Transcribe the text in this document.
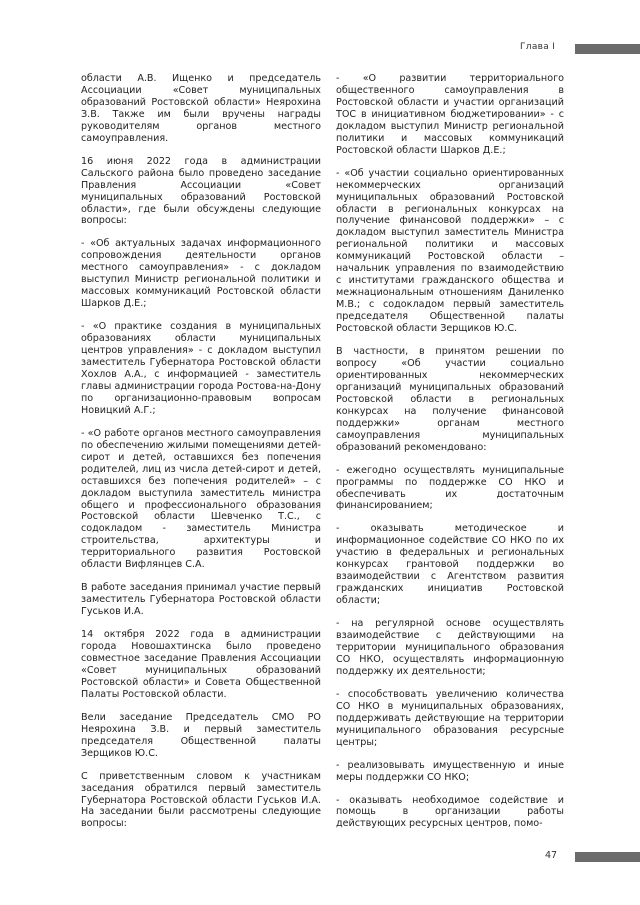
Глава I

области А.В. Ищенко и председатель Ассоциации «Совет муниципальных образований Ростовской области» Неярохина З.В. Также им были вручены награды руководителям органов местного самоуправления.

16 июня 2022 года в администрации Сальского района было проведено заседание Правления Ассоциации «Совет муниципальных образований Ростовской области», где были обсуждены следующие вопросы:

- «Об актуальных задачах информационного сопровождения деятельности органов местного самоуправления» - с докладом выступил Министр региональной политики и массовых коммуникаций Ростовской области Шарков Д.Е.;

- «О практике создания в муниципальных образованиях области муниципальных центров управления» - с докладом выступил заместитель Губернатора Ростовской области Хохлов А.А., с информацией - заместитель главы администрации города Ростова-на-Дону по организационно-правовым вопросам Новицкий А.Г.;

- «О работе органов местного самоуправления по обеспечению жилыми помещениями детей-сирот и детей, оставшихся без попечения родителей, лиц из числа детей-сирот и детей, оставшихся без попечения родителей» – с докладом выступила заместитель министра общего и профессионального образования Ростовской области Шевченко Т.С., с содокладом - заместитель Министра строительства, архитектуры и территориального развития Ростовской области Вифлянцев С.А.

В работе заседания принимал участие первый заместитель Губернатора Ростовской области Гуськов И.А.

14 октября 2022 года в администрации города Новошахтинска было проведено совместное заседание Правления Ассоциации «Совет муниципальных образований Ростовской области» и Совета Общественной Палаты Ростовской области.

Вели заседание Председатель СМО РО Неярохина З.В. и первый заместитель председателя Общественной палаты Зерщиков Ю.С.

С приветственным словом к участникам заседания обратился первый заместитель Губернатора Ростовской области Гуськов И.А. На заседании были рассмотрены следующие вопросы:

- «О развитии территориального общественного самоуправления в Ростовской области и участии организаций ТОС в инициативном бюджетировании» - с докладом выступил Министр региональной политики и массовых коммуникаций Ростовской области Шарков Д.Е.;

- «Об участии социально ориентированных некоммерческих организаций муниципальных образований Ростовской области в региональных конкурсах на получение финансовой поддержки» – с докладом выступил заместитель Министра региональной политики и массовых коммуникаций Ростовской области – начальник управления по взаимодействию с институтами гражданского общества и межнациональным отношениям Даниленко М.В.; с содокладом первый заместитель председателя Общественной палаты Ростовской области Зерщиков Ю.С.

В частности, в принятом решении по вопросу «Об участии социально ориентированных некоммерческих организаций муниципальных образований Ростовской области в региональных конкурсах на получение финансовой поддержки» органам местного самоуправления муниципальных образований рекомендовано:

- ежегодно осуществлять муниципальные программы по поддержке СО НКО и обеспечивать их достаточным финансированием;

- оказывать методическое и информационное содействие СО НКО по их участию в федеральных и региональных конкурсах грантовой поддержки во взаимодействии с Агентством развития гражданских инициатив Ростовской области;

- на регулярной основе осуществлять взаимодействие с действующими на территории муниципального образования СО НКО, осуществлять информационную поддержку их деятельности;

- способствовать увеличению количества СО НКО в муниципальных образованиях, поддерживать действующие на территории муниципального образования ресурсные центры;

- реализовывать имущественную и иные меры поддержки СО НКО;

- оказывать необходимое содействие и помощь в организации работы действующих ресурсных центров, помо-

47
